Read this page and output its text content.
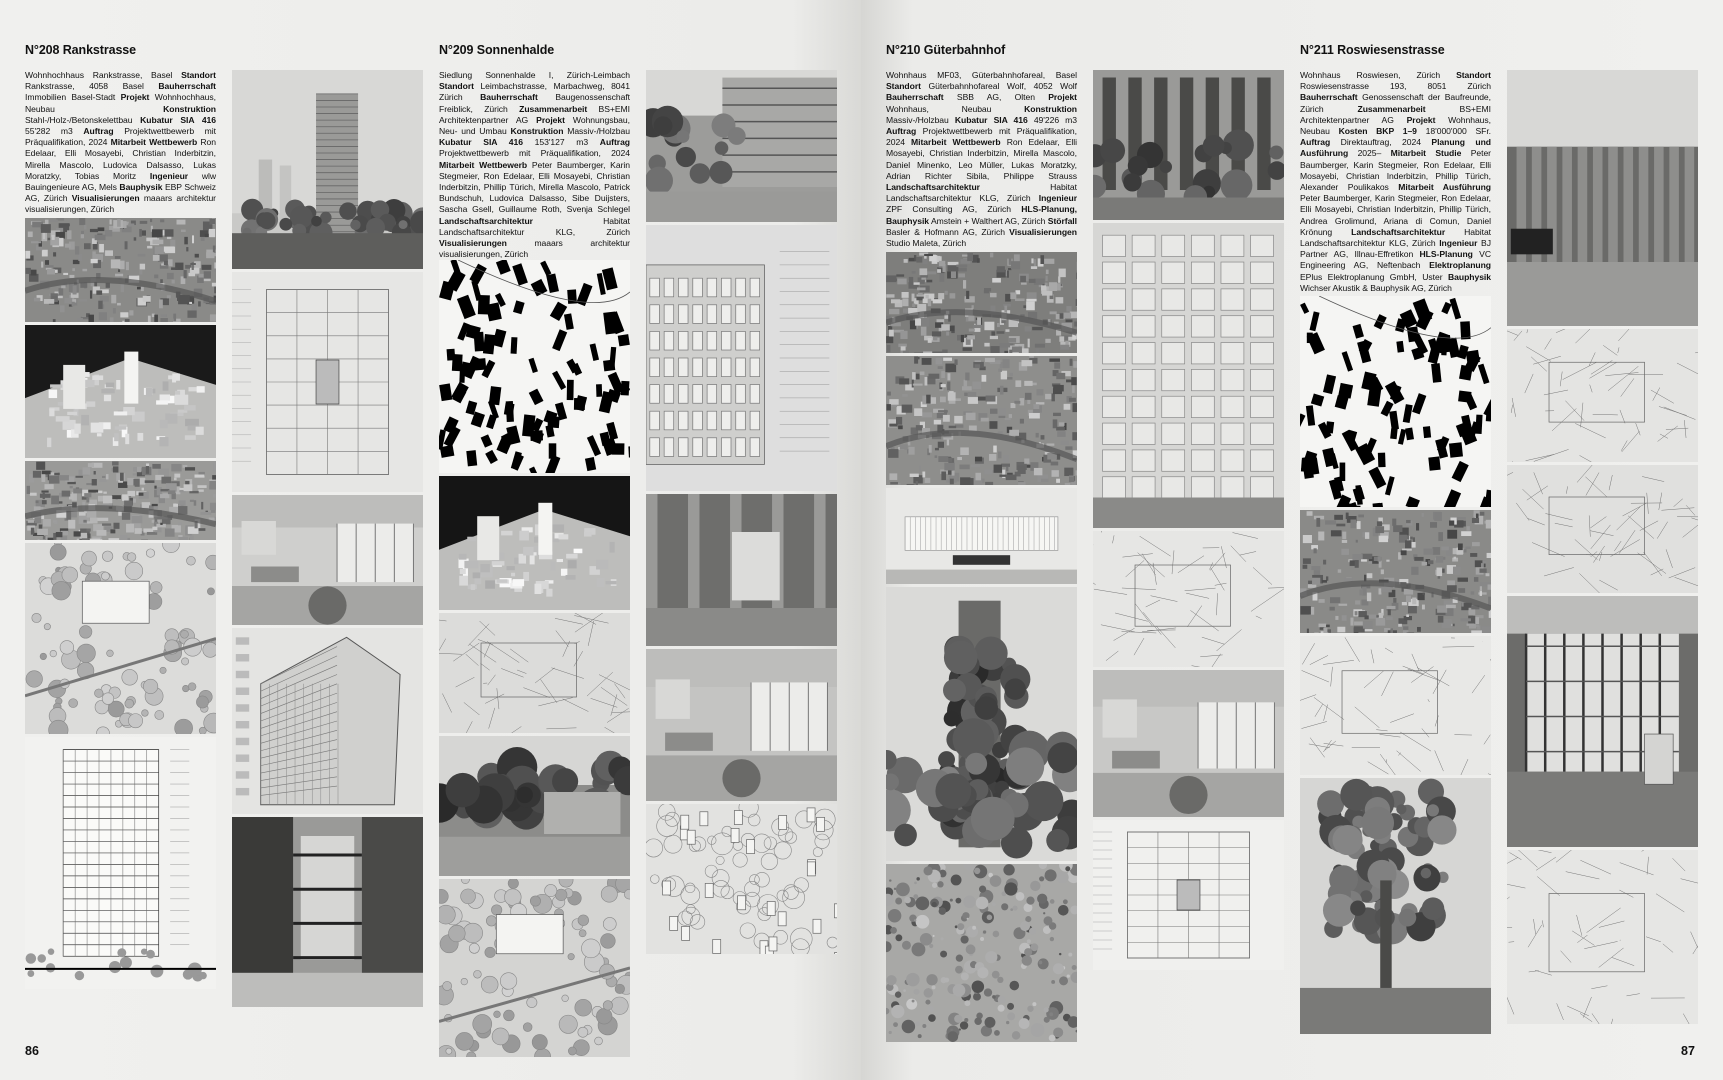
N°208 Rankstrasse	N°209 Sonnenhalde	N°210 Güterbahnhof	N°211 Roswiesenstrasse
Wohnhochhaus Rankstrasse, Basel Standort Rankstrasse, 4058 Basel Bauherrschaft Immobilien Basel-Stadt Projekt Wohnhochhaus, Neubau Konstruktion Stahl-/Holz-/Betonskelettbau Kubatur SIA 416 55'282 m3 Auftrag Projektwettbewerb mit Präqualifikation, 2024 Mitarbeit Wettbewerb Ron Edelaar, Elli Mosayebi, Christian Inderbitzin, Mirella Mascolo, Ludovica Dalsasso, Lukas Moratzky, Tobias Moritz Ingenieur wlw Bauingenieure AG, Mels Bauphysik EBP Schweiz AG, Zürich Visualisierungen maaars architektur visualisierungen, Zürich
Siedlung Sonnenhalde I, Zürich-Leimbach Standort Leimbachstrasse, Marbachweg, 8041 Zürich Bauherrschaft Baugenossenschaft Freiblick, Zürich Zusammenarbeit BS+EMI Architektenpartner AG Projekt Wohnungsbau, Neu- und Umbau Konstruktion Massiv-/Holzbau Kubatur SIA 416 153'127 m3 Auftrag Projektwettbewerb mit Präqualifikation, 2024 Mitarbeit Wettbewerb Peter Baumberger, Karin Stegmeier, Ron Edelaar, Elli Mosayebi, Christian Inderbitzin, Phillip Türich, Mirella Mascolo, Patrick Bundschuh, Ludovica Dalsasso, Sibe Duijsters, Sascha Gsell, Guillaume Roth, Svenja Schlegel Landschaftsarchitektur Habitat Landschaftsarchitektur KLG, Zürich Visualisierungen maaars architektur visualisierungen, Zürich
Wohnhaus MF03, Güterbahnhofareal, Basel Standort Güterbahnhofareal Wolf, 4052 Wolf Bauherrschaft SBB AG, Olten Projekt Wohnhaus, Neubau Konstruktion Massiv-/Holzbau Kubatur SIA 416 49'226 m3 Auftrag Projektwettbewerb mit Präqualifikation, 2024 Mitarbeit Wettbewerb Ron Edelaar, Elli Mosayebi, Christian Inderbitzin, Mirella Mascolo, Daniel Minenko, Leo Müller, Lukas Moratzky, Adrian Richter Sibila, Philippe Strauss Landschaftsarchitektur Habitat Landschaftsarchitektur KLG, Zürich Ingenieur ZPF Consulting AG, Zürich HLS-Planung, Bauphysik Amstein + Walthert AG, Zürich Störfall Basler & Hofmann AG, Zürich Visualisierungen Studio Maleta, Zürich
Wohnhaus Roswiesen, Zürich Standort Roswiesenstrasse 193, 8051 Zürich Bauherrschaft Genossenschaft der Baufreunde, Zürich Zusammenarbeit BS+EMI Architektenpartner AG Projekt Wohnhaus, Neubau Kosten BKP 1–9 18'000'000 SFr. Auftrag Direktauftrag, 2024 Planung und Ausführung 2025– Mitarbeit Studie Peter Baumberger, Karin Stegmeier, Ron Edelaar, Elli Mosayebi, Christian Inderbitzin, Phillip Türich, Alexander Poulikakos Mitarbeit Ausführung Peter Baumberger, Karin Stegmeier, Ron Edelaar, Elli Mosayebi, Christian Inderbitzin, Phillip Türich, Andrea Grolimund, Ariana di Comun, Daniel Krönung Landschaftsarchitektur Habitat Landschaftsarchitektur KLG, Zürich Ingenieur BJ Partner AG, Illnau-Effretikon HLS-Planung VC Engineering AG, Neftenbach Elektroplanung EPlus Elektroplanung GmbH, Uster Bauphysik Wichser Akustik & Bauphysik AG, Zürich
86	87
